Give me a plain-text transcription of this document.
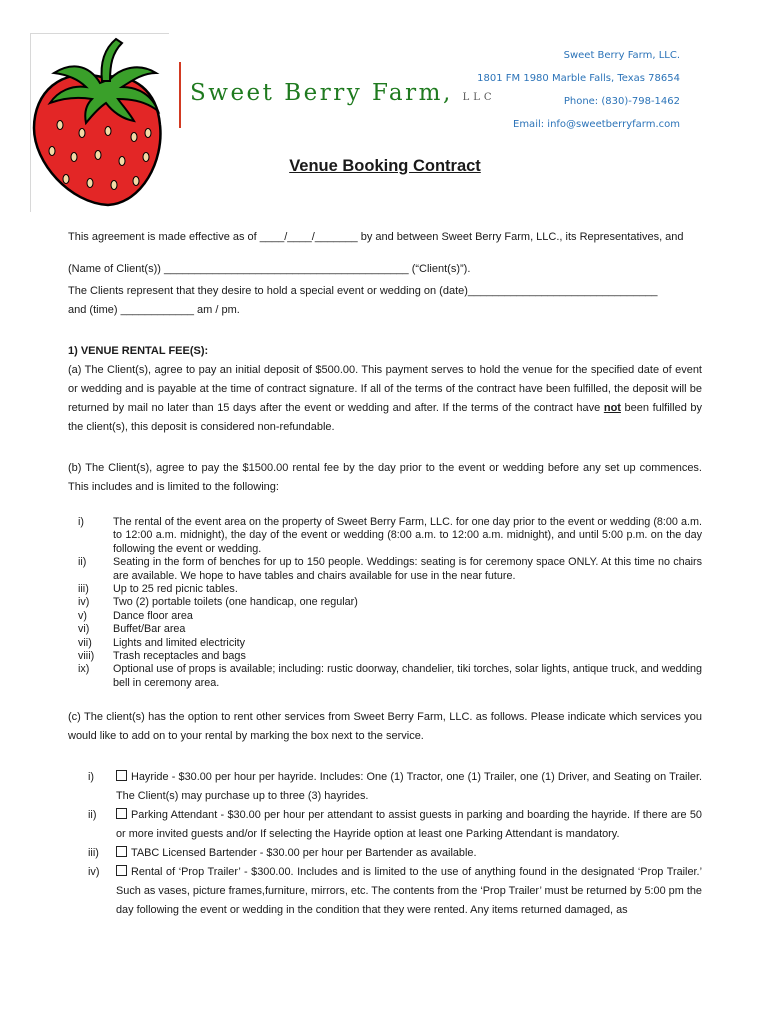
Sweet Berry Farm, LLC
Sweet Berry Farm, LLC.
1801 FM 1980 Marble Falls, Texas 78654
Phone: (830)-798-1462
Email: info@sweetberryfarm.com
Venue Booking Contract
This agreement is made effective as of ____/____/_______ by and between Sweet Berry Farm, LLC., its Representatives, and
(Name of Client(s)) ________________________________________ (“Client(s)”).
The Clients represent that they desire to hold a special event or wedding on (date)_______________________________
and (time) ____________ am / pm.
1) VENUE RENTAL FEE(S):
(a) The Client(s), agree to pay an initial deposit of $500.00. This payment serves to hold the venue for the specified date of event or wedding and is payable at the time of contract signature. If all of the terms of the contract have been fulfilled, the deposit will be returned by mail no later than 15 days after the event or wedding and after. If the terms of the contract have not been fulfilled by the client(s), this deposit is considered non-refundable.
(b) The Client(s), agree to pay the $1500.00 rental fee by the day prior to the event or wedding before any set up commences. This includes and is limited to the following:
i)	The rental of the event area on the property of Sweet Berry Farm, LLC. for one day prior to the event or wedding (8:00 a.m. to 12:00 a.m. midnight), the day of the event or wedding (8:00 a.m. to 12:00 a.m. midnight), and until 5:00 p.m. on the day following the event or wedding.
ii)	Seating in the form of benches for up to 150 people. Weddings: seating is for ceremony space ONLY. At this time no chairs are available. We hope to have tables and chairs available for use in the near future.
iii)	Up to 25 red picnic tables.
iv)	Two (2) portable toilets (one handicap, one regular)
v)	Dance floor area
vi)	Buffet/Bar area
vii)	Lights and limited electricity
viii)	Trash receptacles and bags
ix)	Optional use of props is available; including: rustic doorway, chandelier, tiki torches, solar lights, antique truck, and wedding bell in ceremony area.
(c) The client(s) has the option to rent other services from Sweet Berry Farm, LLC. as follows. Please indicate which services you would like to add on to your rental by marking the box next to the service.
i)	Hayride - $30.00 per hour per hayride. Includes: One (1) Tractor, one (1) Trailer, one (1) Driver, and Seating on Trailer. The Client(s) may purchase up to three (3) hayrides.
ii)	Parking Attendant - $30.00 per hour per attendant to assist guests in parking and boarding the hayride. If there are 50 or more invited guests and/or If selecting the Hayride option at least one Parking Attendant is mandatory.
iii)	TABC Licensed Bartender - $30.00 per hour per Bartender as available.
iv)	Rental of ‘Prop Trailer’ - $300.00. Includes and is limited to the use of anything found in the designated ‘Prop Trailer.’ Such as vases, picture frames,furniture, mirrors, etc. The contents from the ‘Prop Trailer’ must be returned by 5:00 pm the day following the event or wedding in the condition that they were rented. Any items returned damaged, as
